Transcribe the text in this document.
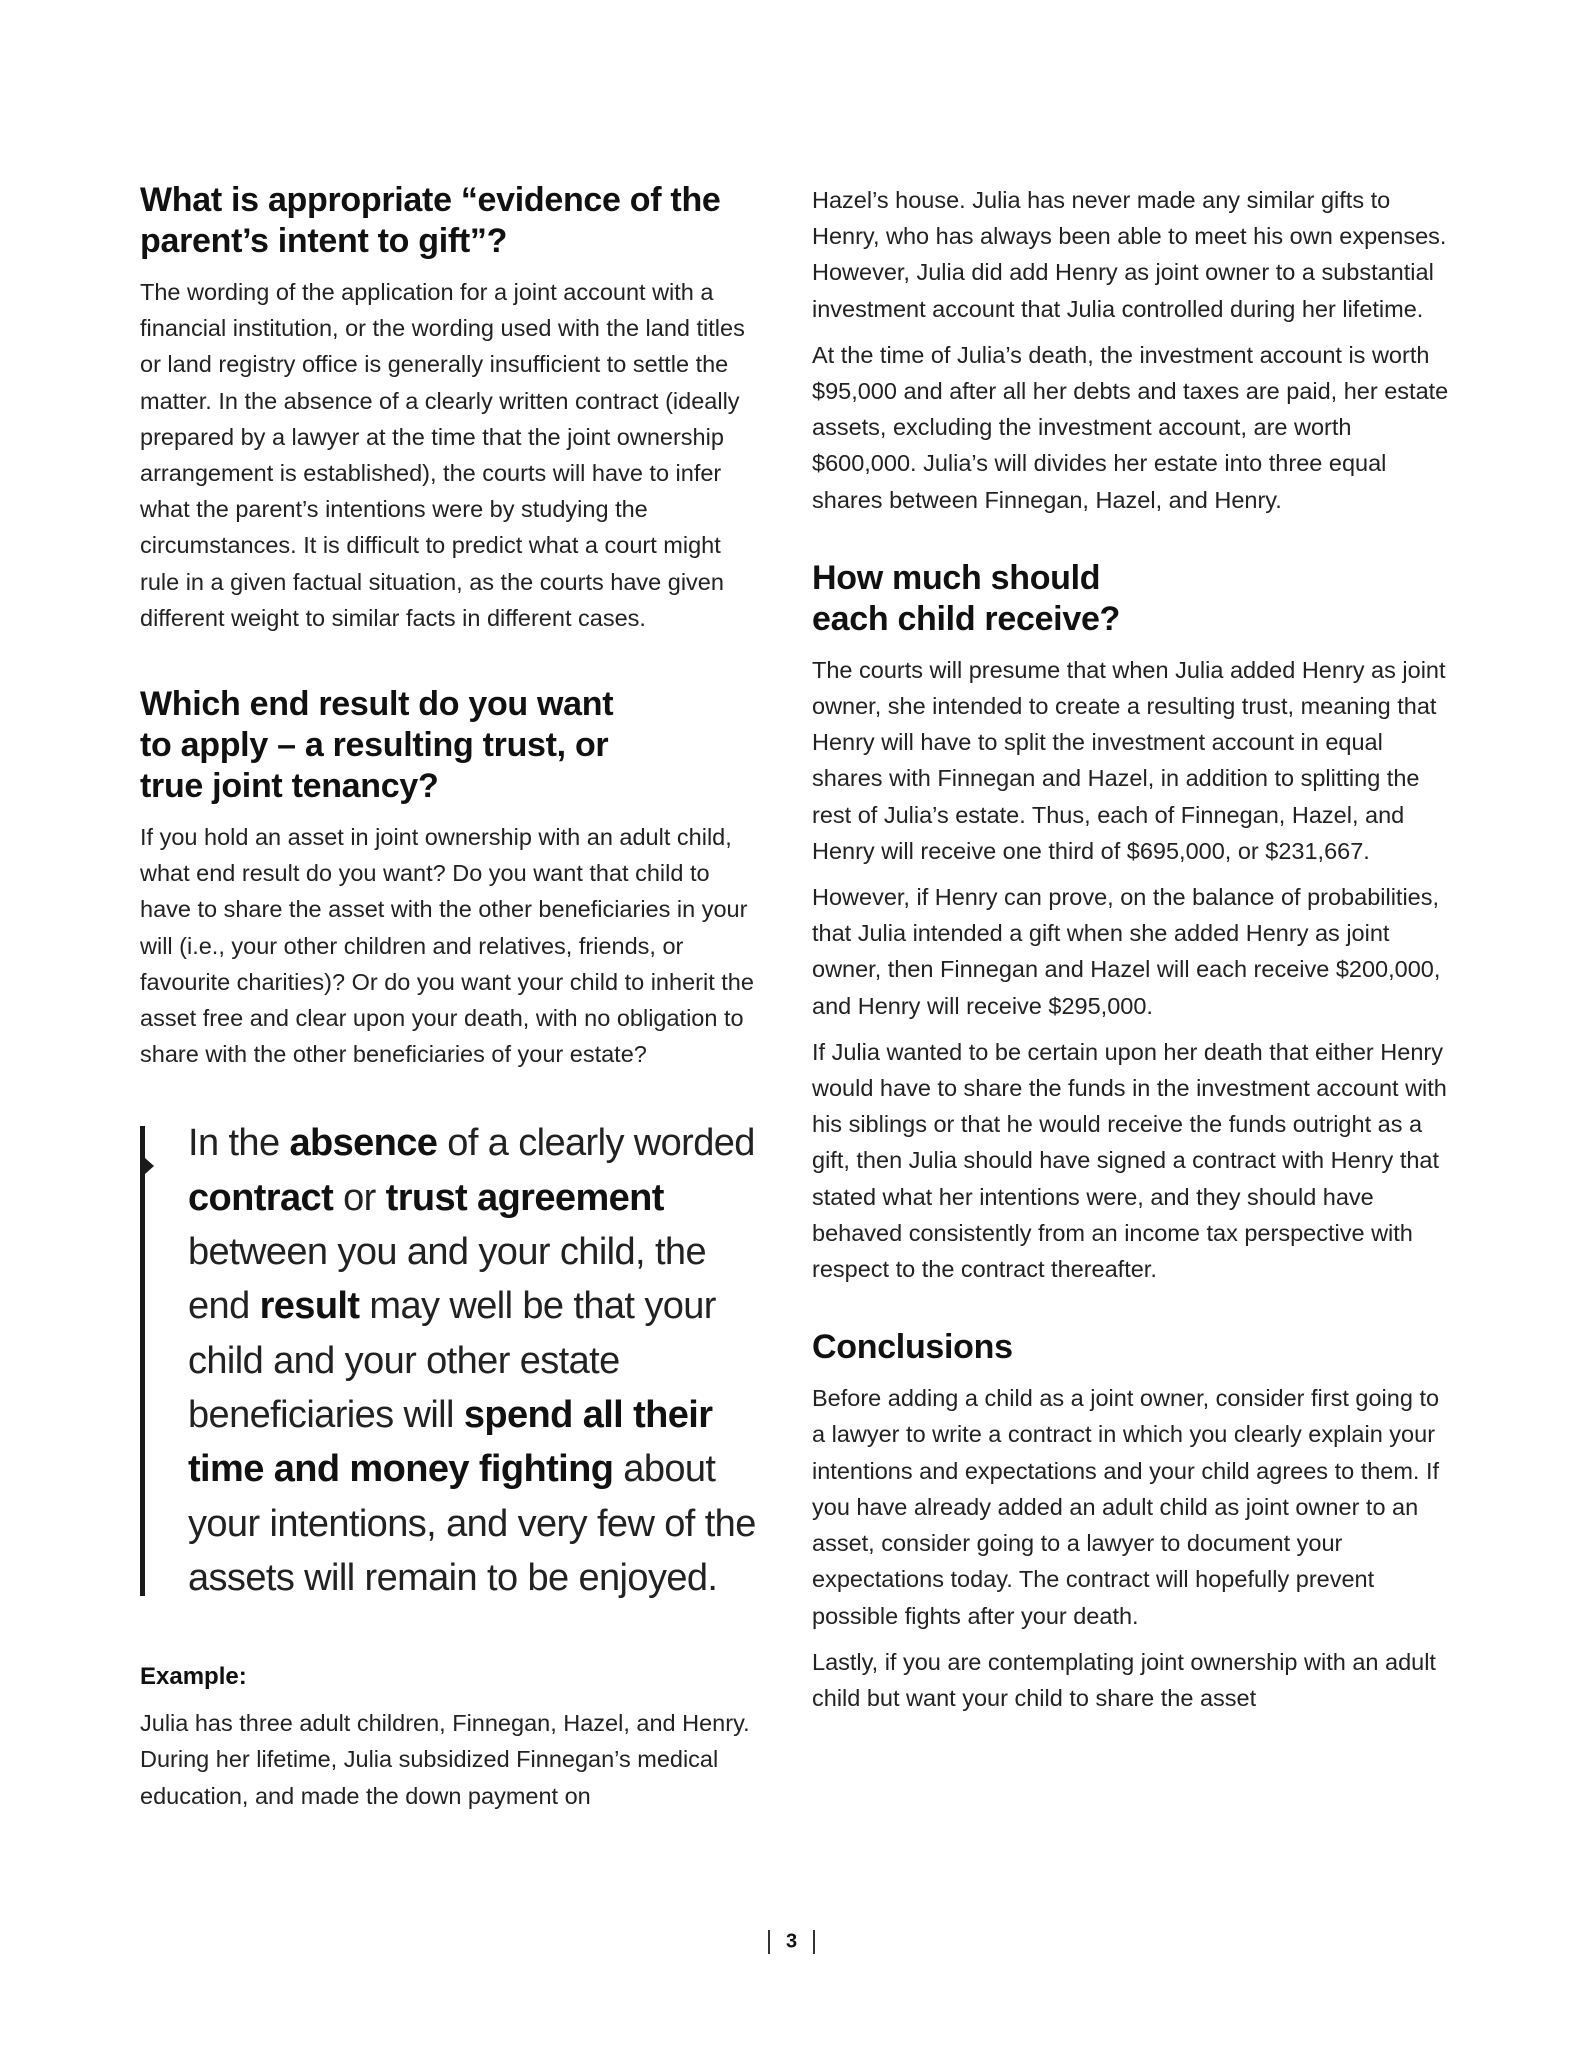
What is appropriate “evidence of the parent’s intent to gift”?

The wording of the application for a joint account with a financial institution, or the wording used with the land titles or land registry office is generally insufficient to settle the matter. In the absence of a clearly written contract (ideally prepared by a lawyer at the time that the joint ownership arrangement is established), the courts will have to infer what the parent’s intentions were by studying the circumstances. It is difficult to predict what a court might rule in a given factual situation, as the courts have given different weight to similar facts in different cases.

Which end result do you want to apply – a resulting trust, or true joint tenancy?

If you hold an asset in joint ownership with an adult child, what end result do you want? Do you want that child to have to share the asset with the other beneficiaries in your will (i.e., your other children and relatives, friends, or favourite charities)? Or do you want your child to inherit the asset free and clear upon your death, with no obligation to share with the other beneficiaries of your estate?

In the absence of a clearly worded contract or trust agreement between you and your child, the end result may well be that your child and your other estate beneficiaries will spend all their time and money fighting about your intentions, and very few of the assets will remain to be enjoyed.
Example:

Julia has three adult children, Finnegan, Hazel, and Henry. During her lifetime, Julia subsidized Finnegan’s medical education, and made the down payment on

Hazel’s house. Julia has never made any similar gifts to Henry, who has always been able to meet his own expenses. However, Julia did add Henry as joint owner to a substantial investment account that Julia controlled during her lifetime.

At the time of Julia’s death, the investment account is worth $95,000 and after all her debts and taxes are paid, her estate assets, excluding the investment account, are worth $600,000. Julia’s will divides her estate into three equal shares between Finnegan, Hazel, and Henry.

How much should each child receive?

The courts will presume that when Julia added Henry as joint owner, she intended to create a resulting trust, meaning that Henry will have to split the investment account in equal shares with Finnegan and Hazel, in addition to splitting the rest of Julia’s estate. Thus, each of Finnegan, Hazel, and Henry will receive one third of $695,000, or $231,667.

However, if Henry can prove, on the balance of probabilities, that Julia intended a gift when she added Henry as joint owner, then Finnegan and Hazel will each receive $200,000, and Henry will receive $295,000.

If Julia wanted to be certain upon her death that either Henry would have to share the funds in the investment account with his siblings or that he would receive the funds outright as a gift, then Julia should have signed a contract with Henry that stated what her intentions were, and they should have behaved consistently from an income tax perspective with respect to the contract thereafter.

Conclusions

Before adding a child as a joint owner, consider first going to a lawyer to write a contract in which you clearly explain your intentions and expectations and your child agrees to them. If you have already added an adult child as joint owner to an asset, consider going to a lawyer to document your expectations today. The contract will hopefully prevent possible fights after your death.

Lastly, if you are contemplating joint ownership with an adult child but want your child to share the asset

3
